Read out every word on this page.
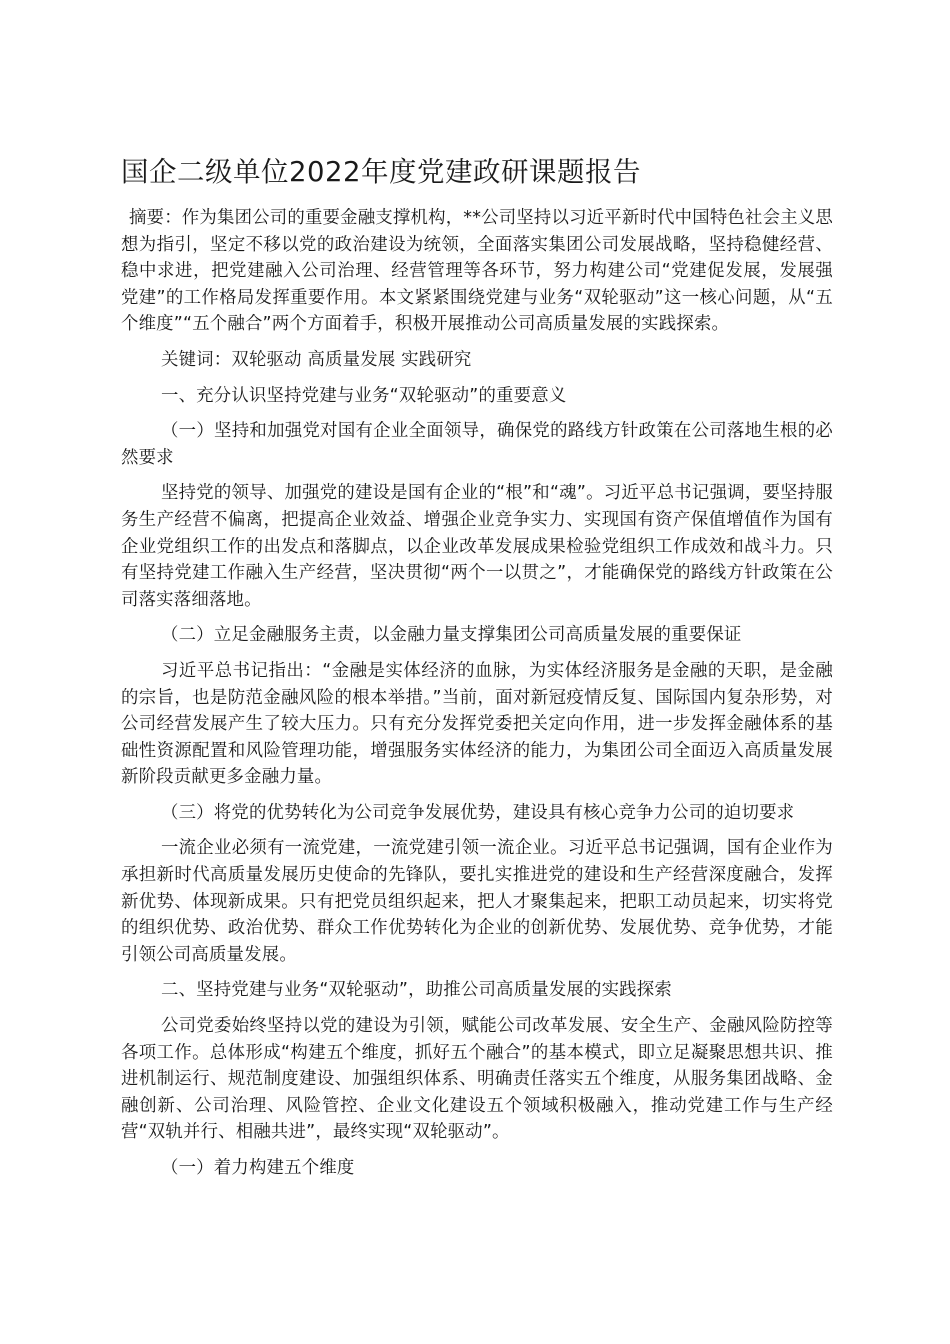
国企二级单位2022年度党建政研课题报告

摘要：作为集团公司的重要金融支撑机构，**公司坚持以习近平新时代中国特色社会主义思想为指引，坚定不移以党的政治建设为统领，全面落实集团公司发展战略，坚持稳健经营、稳中求进，把党建融入公司治理、经营管理等各环节，努力构建公司“党建促发展，发展强党建”的工作格局发挥重要作用。本文紧紧围绕党建与业务“双轮驱动”这一核心问题，从“五个维度”“五个融合”两个方面着手，积极开展推动公司高质量发展的实践探索。

关键词：双轮驱动 高质量发展 实践研究

一、充分认识坚持党建与业务“双轮驱动”的重要意义

（一）坚持和加强党对国有企业全面领导，确保党的路线方针政策在公司落地生根的必然要求

坚持党的领导、加强党的建设是国有企业的“根”和“魂”。习近平总书记强调，要坚持服务生产经营不偏离，把提高企业效益、增强企业竞争实力、实现国有资产保值增值作为国有企业党组织工作的出发点和落脚点，以企业改革发展成果检验党组织工作成效和战斗力。只有坚持党建工作融入生产经营，坚决贯彻“两个一以贯之”，才能确保党的路线方针政策在公司落实落细落地。

（二）立足金融服务主责，以金融力量支撑集团公司高质量发展的重要保证

习近平总书记指出：“金融是实体经济的血脉，为实体经济服务是金融的天职，是金融的宗旨，也是防范金融风险的根本举措。”当前，面对新冠疫情反复、国际国内复杂形势，对公司经营发展产生了较大压力。只有充分发挥党委把关定向作用，进一步发挥金融体系的基础性资源配置和风险管理功能，增强服务实体经济的能力，为集团公司全面迈入高质量发展新阶段贡献更多金融力量。

（三）将党的优势转化为公司竞争发展优势，建设具有核心竞争力公司的迫切要求

一流企业必须有一流党建，一流党建引领一流企业。习近平总书记强调，国有企业作为承担新时代高质量发展历史使命的先锋队，要扎实推进党的建设和生产经营深度融合，发挥新优势、体现新成果。只有把党员组织起来，把人才聚集起来，把职工动员起来，切实将党的组织优势、政治优势、群众工作优势转化为企业的创新优势、发展优势、竞争优势，才能引领公司高质量发展。

二、坚持党建与业务“双轮驱动”，助推公司高质量发展的实践探索

公司党委始终坚持以党的建设为引领，赋能公司改革发展、安全生产、金融风险防控等各项工作。总体形成“构建五个维度，抓好五个融合”的基本模式，即立足凝聚思想共识、推进机制运行、规范制度建设、加强组织体系、明确责任落实五个维度，从服务集团战略、金融创新、公司治理、风险管控、企业文化建设五个领域积极融入，推动党建工作与生产经营“双轨并行、相融共进”，最终实现“双轮驱动”。

（一）着力构建五个维度
